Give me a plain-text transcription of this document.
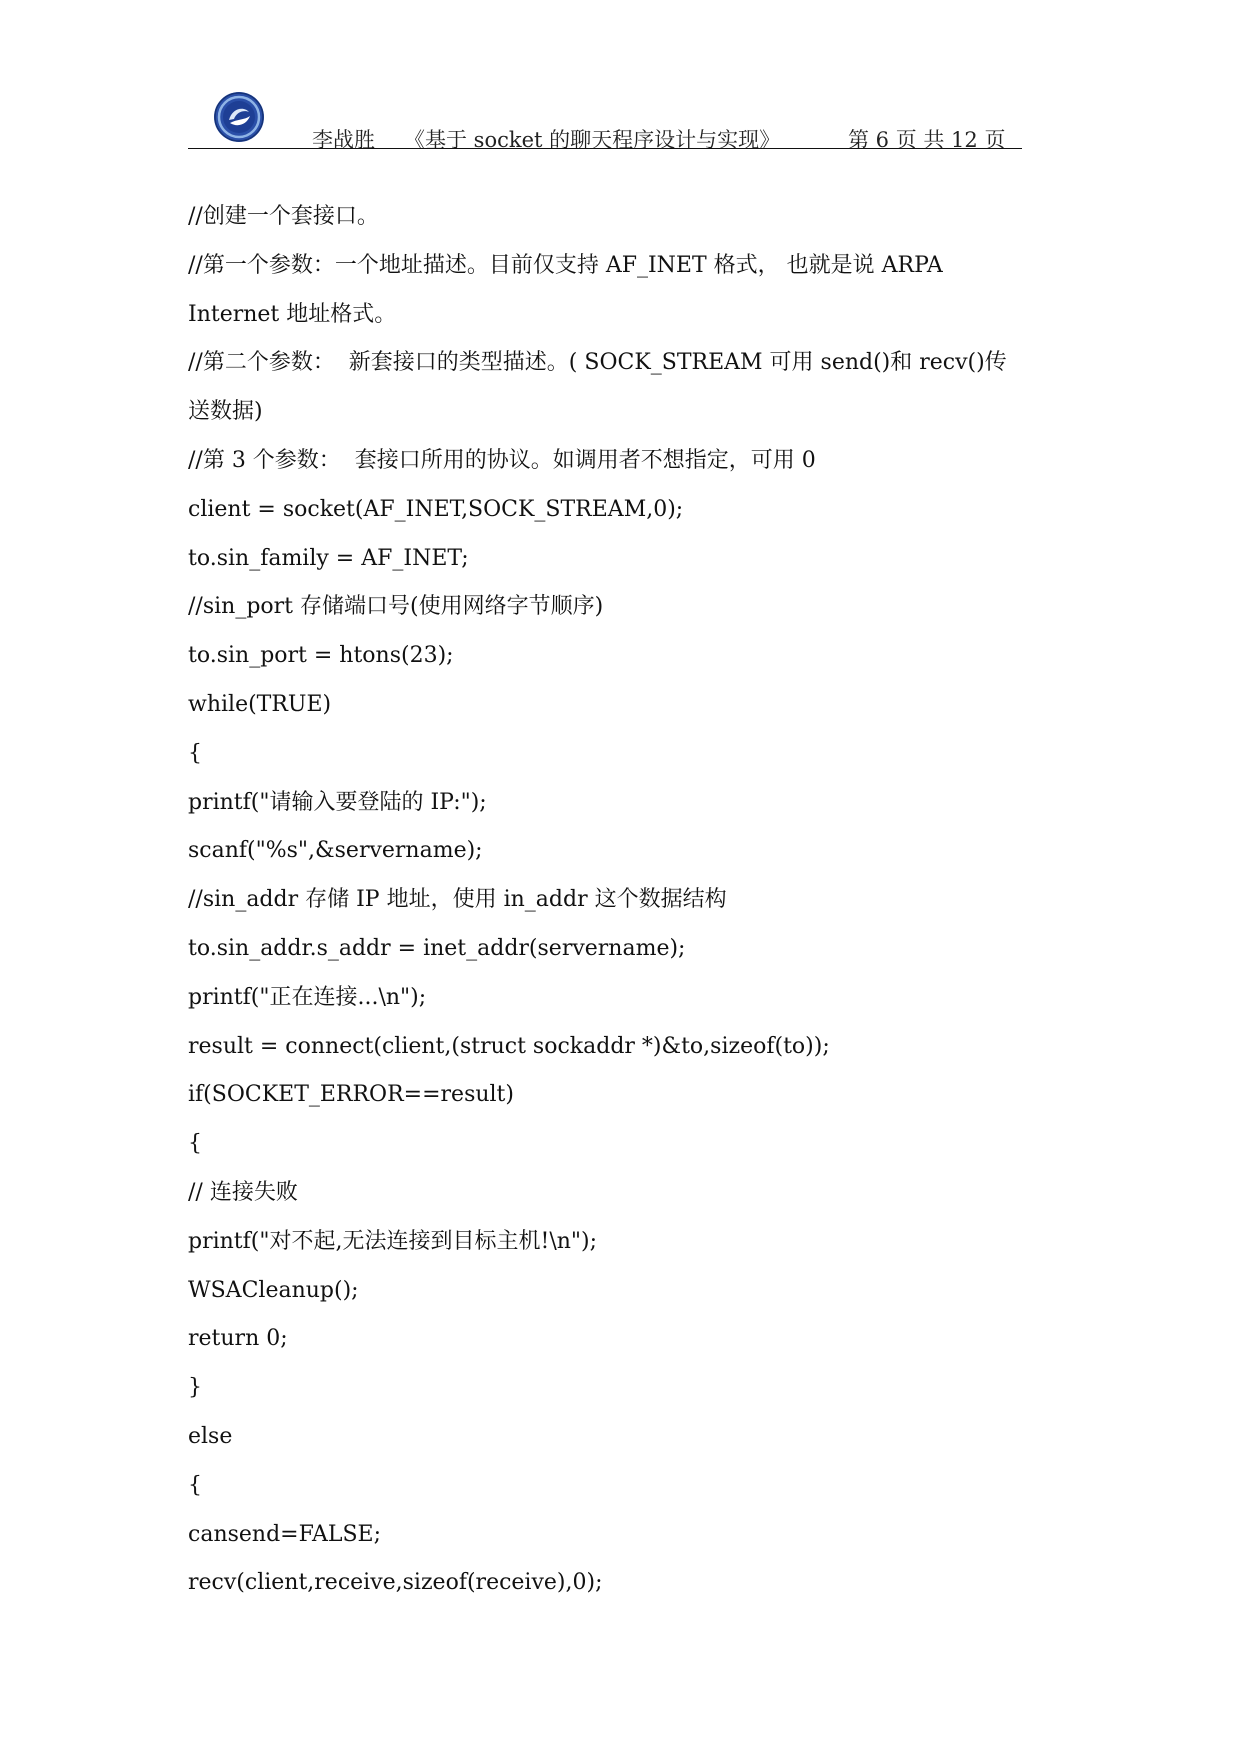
李战胜 《基于 socket 的聊天程序设计与实现》	第 6 页 共 12 页
//创建一个套接口。
//第一个参数：一个地址描述。目前仅支持 AF_INET 格式， 也就是说 ARPA
Internet 地址格式。
//第二个参数：  新套接口的类型描述。( SOCK_STREAM 可用 send()和 recv()传
送数据)
//第 3 个参数：  套接口所用的协议。如调用者不想指定，可用 0
client = socket(AF_INET,SOCK_STREAM,0);
to.sin_family = AF_INET;
//sin_port 存储端口号(使用网络字节顺序)
to.sin_port = htons(23);
while(TRUE)
{
printf("请输入要登陆的 IP:");
scanf("%s",&servername);
//sin_addr 存储 IP 地址，使用 in_addr 这个数据结构
to.sin_addr.s_addr = inet_addr(servername);
printf("正在连接...\n");
result = connect(client,(struct sockaddr *)&to,sizeof(to));
if(SOCKET_ERROR==result)
{
// 连接失败
printf("对不起,无法连接到目标主机!\n");
WSACleanup();
return 0;
}
else
{
cansend=FALSE;
recv(client,receive,sizeof(receive),0);
